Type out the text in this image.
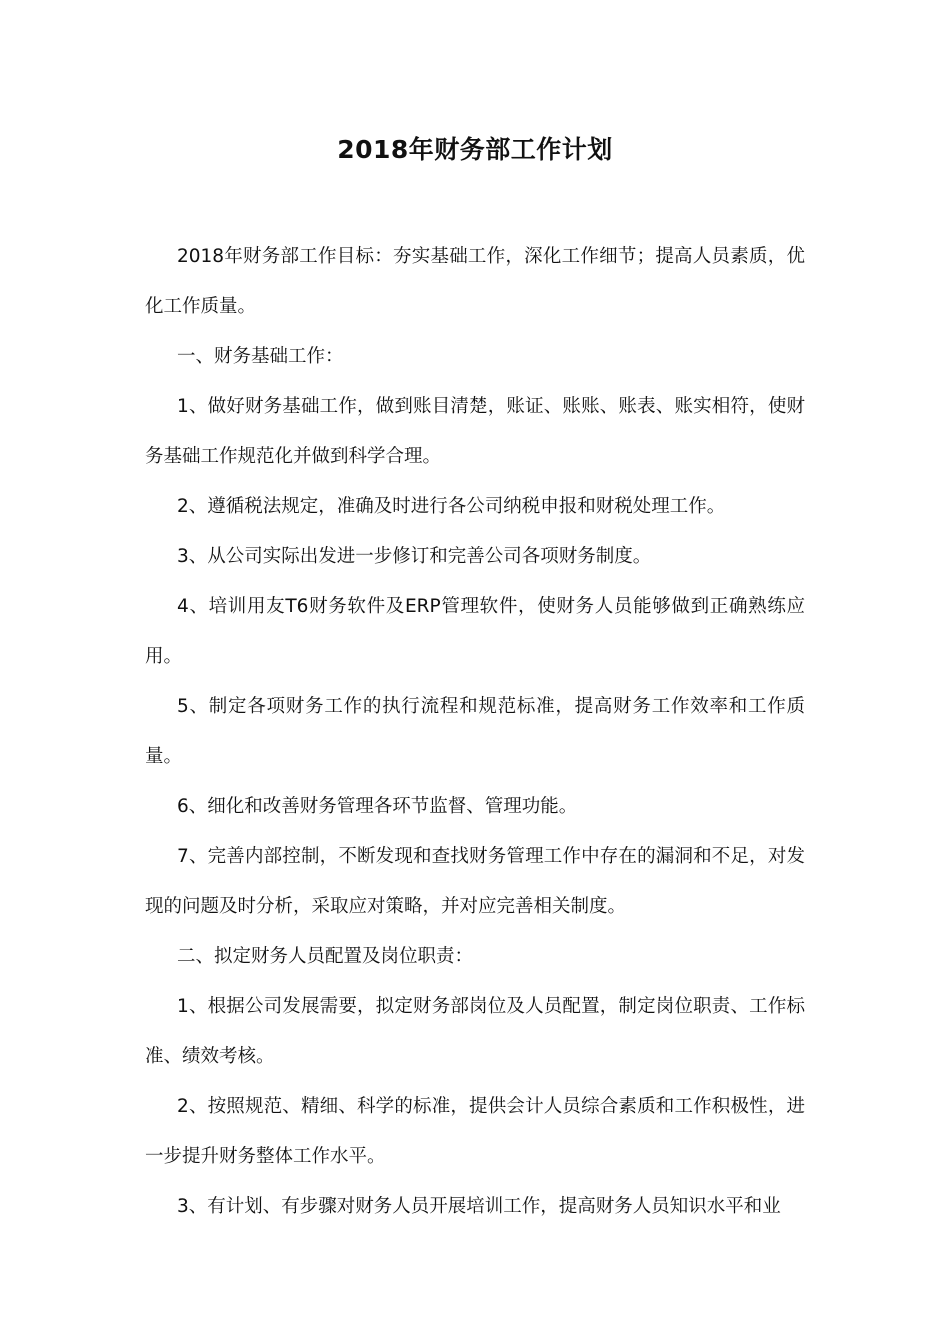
2018年财务部工作计划

2018年财务部工作目标：夯实基础工作，深化工作细节；提高人员素质，优化工作质量。

一、财务基础工作：

1、做好财务基础工作，做到账目清楚，账证、账账、账表、账实相符，使财务基础工作规范化并做到科学合理。

2、遵循税法规定，准确及时进行各公司纳税申报和财税处理工作。

3、从公司实际出发进一步修订和完善公司各项财务制度。

4、培训用友T6财务软件及ERP管理软件，使财务人员能够做到正确熟练应用。

5、制定各项财务工作的执行流程和规范标准，提高财务工作效率和工作质量。

6、细化和改善财务管理各环节监督、管理功能。

7、完善内部控制，不断发现和查找财务管理工作中存在的漏洞和不足，对发现的问题及时分析，采取应对策略，并对应完善相关制度。

二、拟定财务人员配置及岗位职责：

1、根据公司发展需要，拟定财务部岗位及人员配置，制定岗位职责、工作标准、绩效考核。

2、按照规范、精细、科学的标准，提供会计人员综合素质和工作积极性，进一步提升财务整体工作水平。

3、有计划、有步骤对财务人员开展培训工作，提高财务人员知识水平和业
